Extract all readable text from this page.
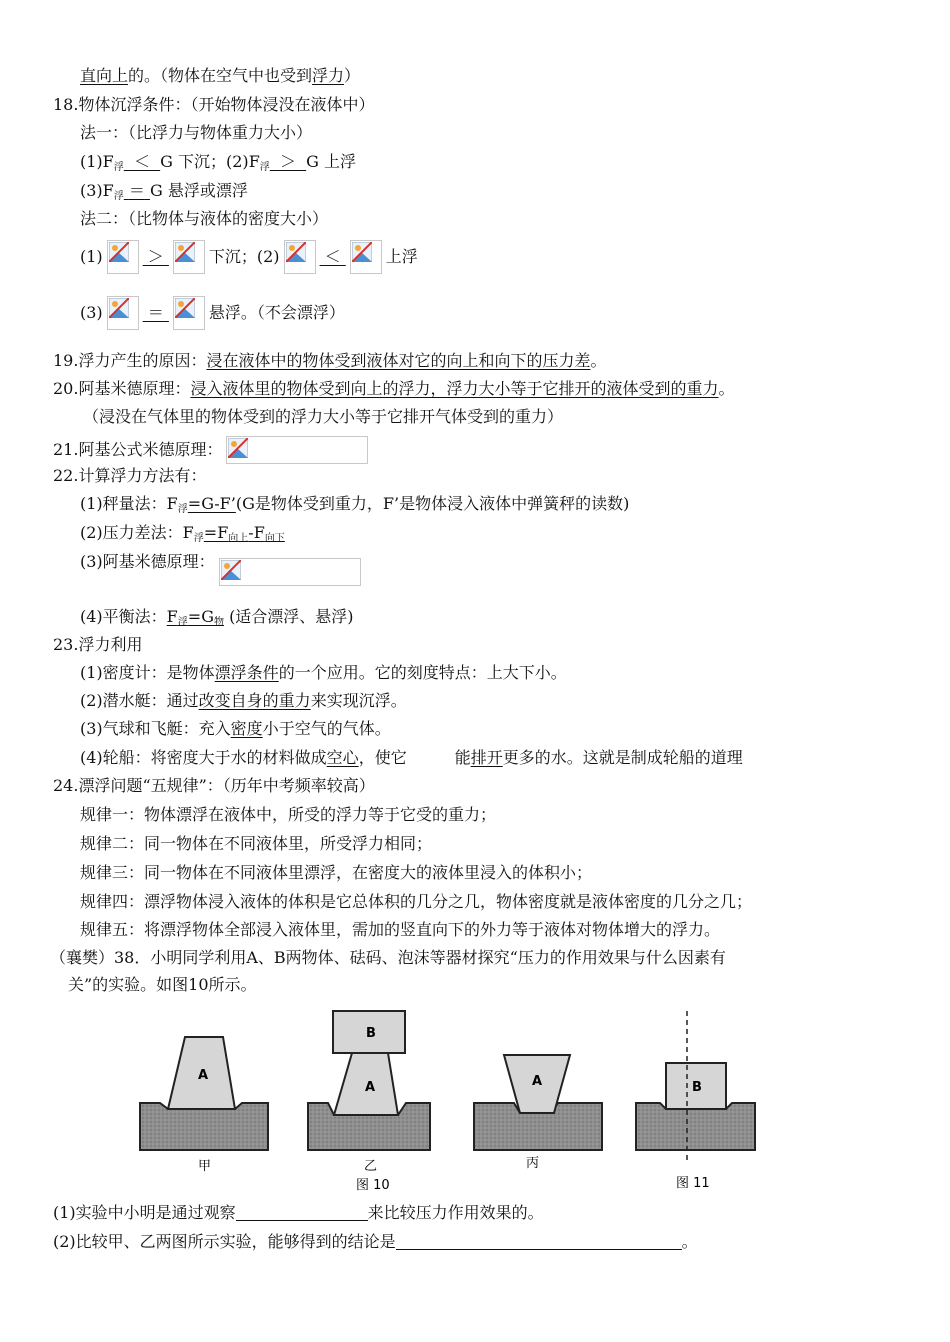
直向上的。（物体在空气中也受到浮力）
18.物体沉浮条件：（开始物体浸没在液体中）
法一：（比浮力与物体重力大小）
$(1)F_浮 < G$ 下沉；$(2)F_浮 > G$ 上浮
$(3)F_浮 = G$ 悬浮或漂浮
法二：（比物体与液体的密度大小）
(1)	＞	下沉；(2)	＜	上浮
(3)	＝	悬浮。（不会漂浮）
19.浮力产生的原因：浸在液体中的物体受到液体对它的向上和向下的压力差。
20.阿基米德原理：浸入液体里的物体受到向上的浮力，浮力大小等于它排开的液体受到的重力。
（浸没在气体里的物体受到的浮力大小等于它排开气体受到的重力）
21.阿基公式米德原理：
22.计算浮力方法有：
(1)秤量法：$F_浮=G-F’(G$是物体受到重力，F’是物体浸入液体中弹簧秤的读数)
(2)压力差法：$F_浮=F_{向上}-F_{向下}$
(3)阿基米德原理：
(4)平衡法：$F_浮=G_物$ (适合漂浮、悬浮)
23.浮力利用
(1)密度计：是物体漂浮条件的一个应用。它的刻度特点：上大下小。
(2)潜水艇：通过改变自身的重力来实现沉浮。
(3)气球和飞艇：充入密度小于空气的气体。
(4)轮船：将密度大于水的材料做成空心，使它	能排开更多的水。这就是制成轮船的道理
24.漂浮问题“五规律”：（历年中考频率较高）
规律一：物体漂浮在液体中，所受的浮力等于它受的重力；
规律二：同一物体在不同液体里，所受浮力相同；
规律三：同一物体在不同液体里漂浮，在密度大的液体里浸入的体积小；
规律四：漂浮物体浸入液体的体积是它总体积的几分之几，物体密度就是液体密度的几分之几；
规律五：将漂浮物体全部浸入液体里，需加的竖直向下的外力等于液体对物体增大的浮力。
（襄樊）38．小明同学利用A、B两物体、砝码、泡沫等器材探究“压力的作用效果与什么因素有
关”的实验。如图10所示。
A
B
A	A	B
甲	乙	丙
图 10	图 11
(1)实验中小明是通过观察	来比较压力作用效果的。
(2)比较甲、乙两图所示实验，能够得到的结论是	。
